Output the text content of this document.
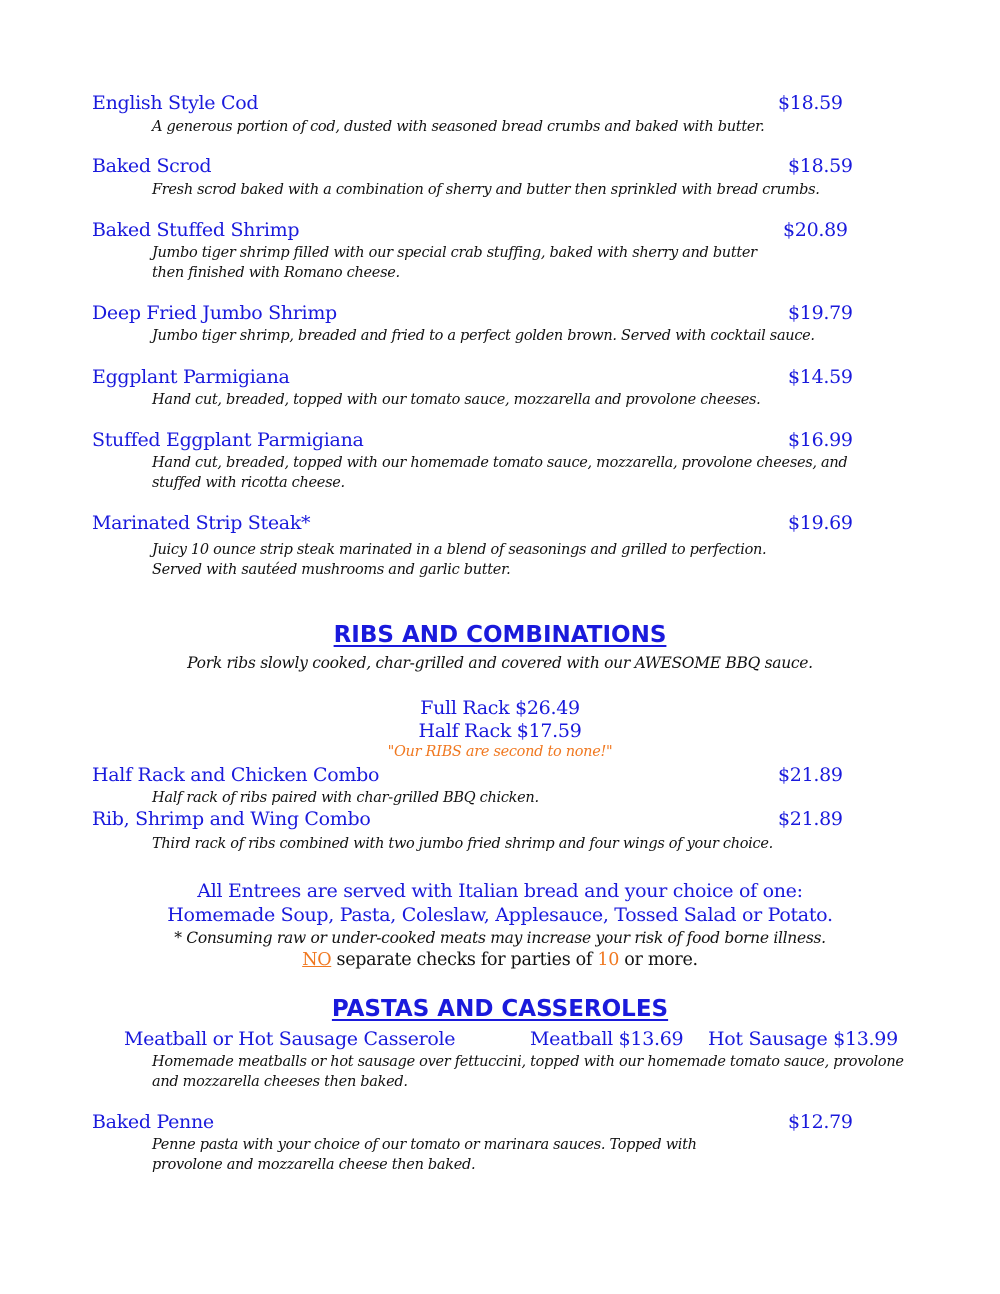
English Style Cod	$18.59
A generous portion of cod, dusted with seasoned bread crumbs and baked with butter.
Baked Scrod	$18.59
Fresh scrod baked with a combination of sherry and butter then sprinkled with bread crumbs.
Baked Stuffed Shrimp	$20.89
Jumbo tiger shrimp filled with our special crab stuffing, baked with sherry and butter then finished with Romano cheese.
Deep Fried Jumbo Shrimp	$19.79
Jumbo tiger shrimp, breaded and fried to a perfect golden brown. Served with cocktail sauce.
Eggplant Parmigiana	$14.59
Hand cut, breaded, topped with our tomato sauce, mozzarella and provolone cheeses.
Stuffed Eggplant Parmigiana	$16.99
Hand cut, breaded, topped with our homemade tomato sauce, mozzarella, provolone cheeses, and stuffed with ricotta cheese.
Marinated Strip Steak*	$19.69
Juicy 10 ounce strip steak marinated in a blend of seasonings and grilled to perfection. Served with sautéed mushrooms and garlic butter.
RIBS AND COMBINATIONS
Pork ribs slowly cooked, char-grilled and covered with our AWESOME BBQ sauce.
Full Rack $26.49
Half Rack $17.59
"Our RIBS are second to none!"
Half Rack and Chicken Combo	$21.89
Half rack of ribs paired with char-grilled BBQ chicken.
Rib, Shrimp and Wing Combo	$21.89
Third rack of ribs combined with two jumbo fried shrimp and four wings of your choice.
All Entrees are served with Italian bread and your choice of one:
Homemade Soup, Pasta, Coleslaw, Applesauce, Tossed Salad or Potato.
* Consuming raw or under-cooked meats may increase your risk of food borne illness.
NO separate checks for parties of 10 or more.
PASTAS AND CASSEROLES
Meatball or Hot Sausage Casserole	Meatball $13.69 Hot Sausage $13.99
Homemade meatballs or hot sausage over fettuccini, topped with our homemade tomato sauce, provolone and mozzarella cheeses then baked.
Baked Penne	$12.79
Penne pasta with your choice of our tomato or marinara sauces. Topped with provolone and mozzarella cheese then baked.
